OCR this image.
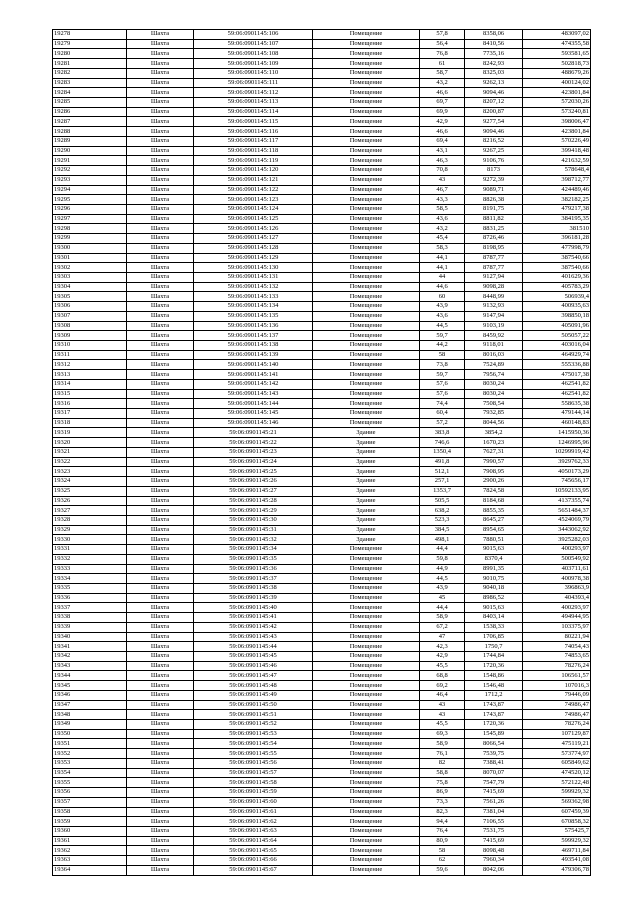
19278	Шахта	59:06:0901145:106	Помещение	57,8	8358,06	483097,02
19279	Шахта	59:06:0901145:107	Помещение	56,4	8410,56	474355,58
19280	Шахта	59:06:0901145:108	Помещение	76,8	7735,16	593581,65
19281	Шахта	59:06:0901145:109	Помещение	61	8242,93	502818,73
19282	Шахта	59:06:0901145:110	Помещение	58,7	8325,03	488679,26
19283	Шахта	59:06:0901145:111	Помещение	43,2	9262,13	400124,02
19284	Шахта	59:06:0901145:112	Помещение	46,6	9094,46	423801,84
19285	Шахта	59:06:0901145:113	Помещение	69,7	8207,12	572030,26
19286	Шахта	59:06:0901145:114	Помещение	69,9	8200,87	573240,81
19287	Шахта	59:06:0901145:115	Помещение	42,9	9277,54	398006,47
19288	Шахта	59:06:0901145:116	Помещение	46,6	9094,46	423801,84
19289	Шахта	59:06:0901145:117	Помещение	69,4	8216,52	570226,49
19290	Шахта	59:06:0901145:118	Помещение	43,1	9267,25	399418,48
19291	Шахта	59:06:0901145:119	Помещение	46,3	9106,76	421632,59
19292	Шахта	59:06:0901145:120	Помещение	70,8	8173	578648,4
19293	Шахта	59:06:0901145:121	Помещение	43	9272,39	398712,77
19294	Шахта	59:06:0901145:122	Помещение	46,7	9089,71	424489,46
19295	Шахта	59:06:0901145:123	Помещение	43,3	8826,38	382182,25
19296	Шахта	59:06:0901145:124	Помещение	58,5	8191,75	479217,38
19297	Шахта	59:06:0901145:125	Помещение	43,6	8811,82	384195,35
19298	Шахта	59:06:0901145:126	Помещение	43,2	8831,25	381510
19299	Шахта	59:06:0901145:127	Помещение	45,4	8726,46	396181,28
19300	Шахта	59:06:0901145:128	Помещение	58,3	8198,95	477998,79
19301	Шахта	59:06:0901145:129	Помещение	44,1	8787,77	387540,66
19302	Шахта	59:06:0901145:130	Помещение	44,1	8787,77	387540,66
19303	Шахта	59:06:0901145:131	Помещение	44	9127,94	401629,36
19304	Шахта	59:06:0901145:132	Помещение	44,6	9098,28	405783,29
19305	Шахта	59:06:0901145:133	Помещение	60	8448,99	506939,4
19306	Шахта	59:06:0901145:134	Помещение	43,9	9132,93	400935,63
19307	Шахта	59:06:0901145:135	Помещение	43,6	9147,94	398850,18
19308	Шахта	59:06:0901145:136	Помещение	44,5	9103,19	405091,96
19309	Шахта	59:06:0901145:137	Помещение	59,7	8459,92	505057,22
19310	Шахта	59:06:0901145:138	Помещение	44,2	9118,01	403016,04
19311	Шахта	59:06:0901145:139	Помещение	58	8016,03	464929,74
19312	Шахта	59:06:0901145:140	Помещение	73,8	7524,89	555336,88
19313	Шахта	59:06:0901145:141	Помещение	59,7	7956,74	475017,38
19314	Шахта	59:06:0901145:142	Помещение	57,6	8030,24	462541,82
19315	Шахта	59:06:0901145:143	Помещение	57,6	8030,24	462541,82
19316	Шахта	59:06:0901145:144	Помещение	74,4	7508,54	558635,38
19317	Шахта	59:06:0901145:145	Помещение	60,4	7932,85	479144,14
19318	Шахта	59:06:0901145:146	Помещение	57,2	8044,56	460148,83
19319	Шахта	59:06:0901145:21	Здание	383,8	3854,2	1415950,36
19320	Шахта	59:06:0901145:22	Здание	746,6	1670,23	1246995,96
19321	Шахта	59:06:0901145:23	Здание	1350,4	7627,31	10299919,42
19322	Шахта	59:06:0901145:24	Здание	491,8	7990,57	3929762,33
19323	Шахта	59:06:0901145:25	Здание	512,1	7908,95	4050173,29
19324	Шахта	59:06:0901145:26	Здание	257,1	2900,26	745656,17
19325	Шахта	59:06:0901145:27	Здание	1353,7	7824,58	10592133,95
19326	Шахта	59:06:0901145:28	Здание	505,5	8184,68	4137355,74
19327	Шахта	59:06:0901145:29	Здание	638,2	8855,35	5651484,37
19328	Шахта	59:06:0901145:30	Здание	523,3	8645,27	4524069,79
19329	Шахта	59:06:0901145:31	Здание	384,5	8954,65	3443062,92
19330	Шахта	59:06:0901145:32	Здание	498,1	7880,51	3925282,03
19331	Шахта	59:06:0901145:34	Помещение	44,4	9015,63	400293,97
19332	Шахта	59:06:0901145:35	Помещение	59,8	8370,4	500549,92
19333	Шахта	59:06:0901145:36	Помещение	44,9	8991,35	403711,61
19334	Шахта	59:06:0901145:37	Помещение	44,5	9010,75	400978,38
19335	Шахта	59:06:0901145:38	Помещение	43,9	9040,18	396863,9
19336	Шахта	59:06:0901145:39	Помещение	45	8986,52	404393,4
19337	Шахта	59:06:0901145:40	Помещение	44,4	9015,63	400293,97
19338	Шахта	59:06:0901145:41	Помещение	58,9	8403,14	494944,95
19339	Шахта	59:06:0901145:42	Помещение	67,2	1538,33	103375,97
19340	Шахта	59:06:0901145:43	Помещение	47	1706,85	80221,94
19341	Шахта	59:06:0901145:44	Помещение	42,3	1750,7	74054,43
19342	Шахта	59:06:0901145:45	Помещение	42,9	1744,84	74853,65
19343	Шахта	59:06:0901145:46	Помещение	45,5	1720,36	78276,24
19344	Шахта	59:06:0901145:47	Помещение	68,8	1548,86	106561,57
19345	Шахта	59:06:0901145:48	Помещение	69,2	1546,48	107016,3
19346	Шахта	59:06:0901145:49	Помещение	46,4	1712,2	79446,09
19347	Шахта	59:06:0901145:50	Помещение	43	1743,87	74986,47
19348	Шахта	59:06:0901145:51	Помещение	43	1743,87	74986,47
19349	Шахта	59:06:0901145:52	Помещение	45,5	1720,36	78276,24
19350	Шахта	59:06:0901145:53	Помещение	69,3	1545,89	107129,87
19351	Шахта	59:06:0901145:54	Помещение	58,9	8066,54	475119,21
19352	Шахта	59:06:0901145:55	Помещение	76,1	7539,75	573774,97
19353	Шахта	59:06:0901145:56	Помещение	82	7388,41	605849,62
19354	Шахта	59:06:0901145:57	Помещение	58,8	8070,07	474520,12
19355	Шахта	59:06:0901145:58	Помещение	75,8	7547,79	572122,48
19356	Шахта	59:06:0901145:59	Помещение	86,9	7415,69	599929,32
19357	Шахта	59:06:0901145:60	Помещение	73,3	7561,26	569362,98
19358	Шахта	59:06:0901145:61	Помещение	82,3	7381,04	607459,39
19359	Шахта	59:06:0901145:62	Помещение	94,4	7106,55	670858,32
19360	Шахта	59:06:0901145:63	Помещение	76,4	7531,75	575425,7
19361	Шахта	59:06:0901145:64	Помещение	80,9	7415,69	599929,32
19362	Шахта	59:06:0901145:65	Помещение	58	8098,48	469711,84
19363	Шахта	59:06:0901145:66	Помещение	62	7960,34	493541,08
19364	Шахта	59:06:0901145:67	Помещение	59,6	8042,06	479306,78
